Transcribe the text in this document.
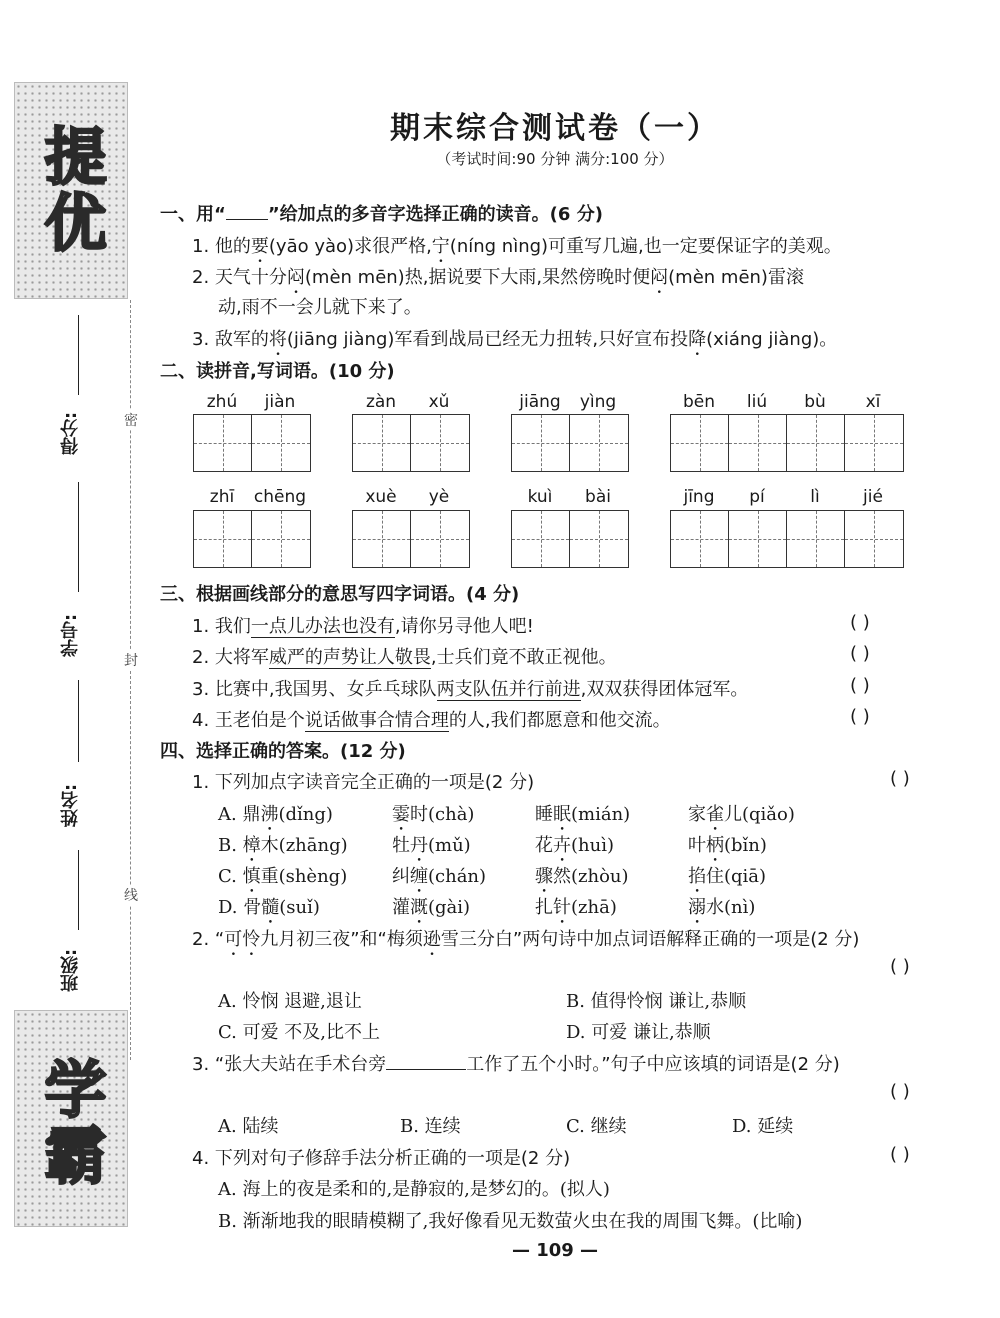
提优
得分:
学号:
姓名:
班级:
密
封
线
学霸
期末综合测试卷（一）
（考试时间:90 分钟 满分:100 分）
一、用“ ”给加点的多音字选择正确的读音。(6 分)
1. 他的要(yāo yào)求很严格,宁(níng nìng)可重写几遍,也一定要保证字的美观。
2. 天气十分闷(mèn mēn)热,据说要下大雨,果然傍晚时便闷(mèn mēn)雷滚
动,雨不一会儿就下来了。
3. 敌军的将(jiāng jiàng)军看到战局已经无力扭转,只好宣布投降(xiáng jiàng)。
二、读拼音,写词语。(10 分)
zhú	jiàn	zàn	xǔ	jiāng	yìng	bēn	liú	bù	xī
zhī	chēng	xuè	yè	kuì	bài	jīng	pí	lì	jié
三、根据画线部分的意思写四字词语。(4 分)
1. 我们一点儿办法也没有,请你另寻他人吧!	( )
2. 大将军威严的声势让人敬畏,士兵们竟不敢正视他。	( )
3. 比赛中,我国男、女乒乓球队两支队伍并行前进,双双获得团体冠军。	( )
4. 王老伯是个说话做事合情合理的人,我们都愿意和他交流。	( )
四、选择正确的答案。(12 分)
1. 下列加点字读音完全正确的一项是(2 分)	( )
A. 鼎沸(dǐng)	霎时(chà)	睡眠(mián)	家雀儿(qiǎo)
B. 樟木(zhāng) 牡丹(mǔ)	花卉(huì)	叶柄(bǐn)
C. 慎重(shèng) 纠缠(chán)	骤然(zhòu)	掐住(qiā)
D. 骨髓(suǐ)	灌溉(gài)	扎针(zhā)	溺水(nì)
2. “可怜九月初三夜”和“梅须逊雪三分白”两句诗中加点词语解释正确的一项是(2 分)
( )
A. 怜悯 退避,退让	B. 值得怜悯 谦让,恭顺
C. 可爱 不及,比不上	D. 可爱 谦让,恭顺
3. “张大夫站在手术台旁	工作了五个小时。”句子中应该填的词语是(2 分)
( )
A. 陆续	B. 连续	C. 继续	D. 延续
4. 下列对句子修辞手法分析正确的一项是(2 分)	( )
A. 海上的夜是柔和的,是静寂的,是梦幻的。(拟人)
B. 渐渐地我的眼睛模糊了,我好像看见无数萤火虫在我的周围飞舞。(比喻)
— 109 —
